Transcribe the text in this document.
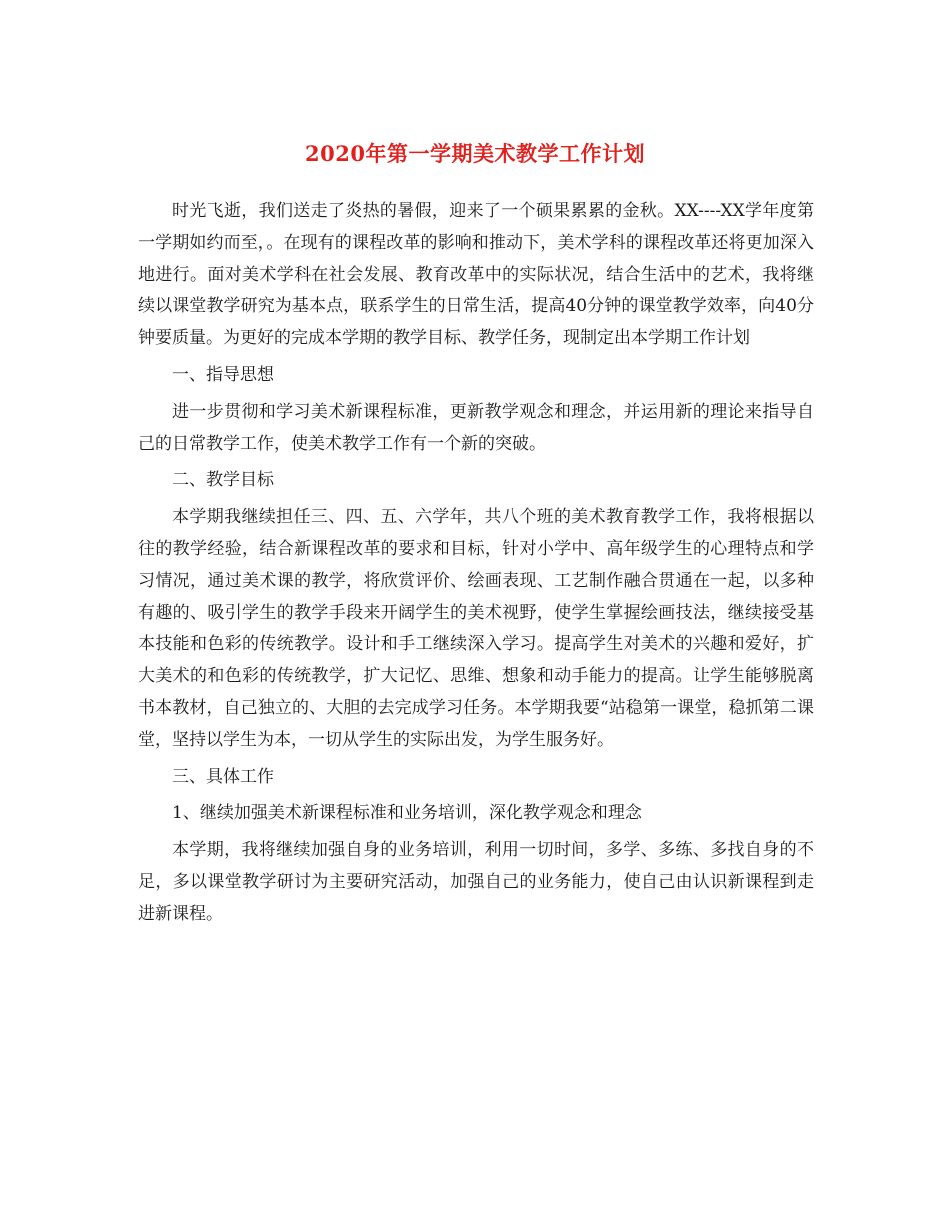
2020年第一学期美术教学工作计划

时光飞逝，我们送走了炎热的暑假，迎来了一个硕果累累的金秋。XX----XX学年度第一学期如约而至，。在现有的课程改革的影响和推动下，美术学科的课程改革还将更加深入地进行。面对美术学科在社会发展、教育改革中的实际状况，结合生活中的艺术，我将继续以课堂教学研究为基本点，联系学生的日常生活，提高40分钟的课堂教学效率，向40分钟要质量。为更好的完成本学期的教学目标、教学任务，现制定出本学期工作计划

一、指导思想

进一步贯彻和学习美术新课程标准，更新教学观念和理念，并运用新的理论来指导自己的日常教学工作，使美术教学工作有一个新的突破。

二、教学目标

本学期我继续担任三、四、五、六学年，共八个班的美术教育教学工作，我将根据以往的教学经验，结合新课程改革的要求和目标，针对小学中、高年级学生的心理特点和学习情况，通过美术课的教学，将欣赏评价、绘画表现、工艺制作融合贯通在一起，以多种有趣的、吸引学生的教学手段来开阔学生的美术视野，使学生掌握绘画技法，继续接受基本技能和色彩的传统教学。设计和手工继续深入学习。提高学生对美术的兴趣和爱好，扩大美术的和色彩的传统教学，扩大记忆、思维、想象和动手能力的提高。让学生能够脱离书本教材，自己独立的、大胆的去完成学习任务。本学期我要“站稳第一课堂，稳抓第二课堂，坚持以学生为本，一切从学生的实际出发，为学生服务好。

三、具体工作

1、继续加强美术新课程标准和业务培训，深化教学观念和理念

本学期，我将继续加强自身的业务培训，利用一切时间，多学、多练、多找自身的不足，多以课堂教学研讨为主要研究活动，加强自己的业务能力，使自己由认识新课程到走进新课程。
